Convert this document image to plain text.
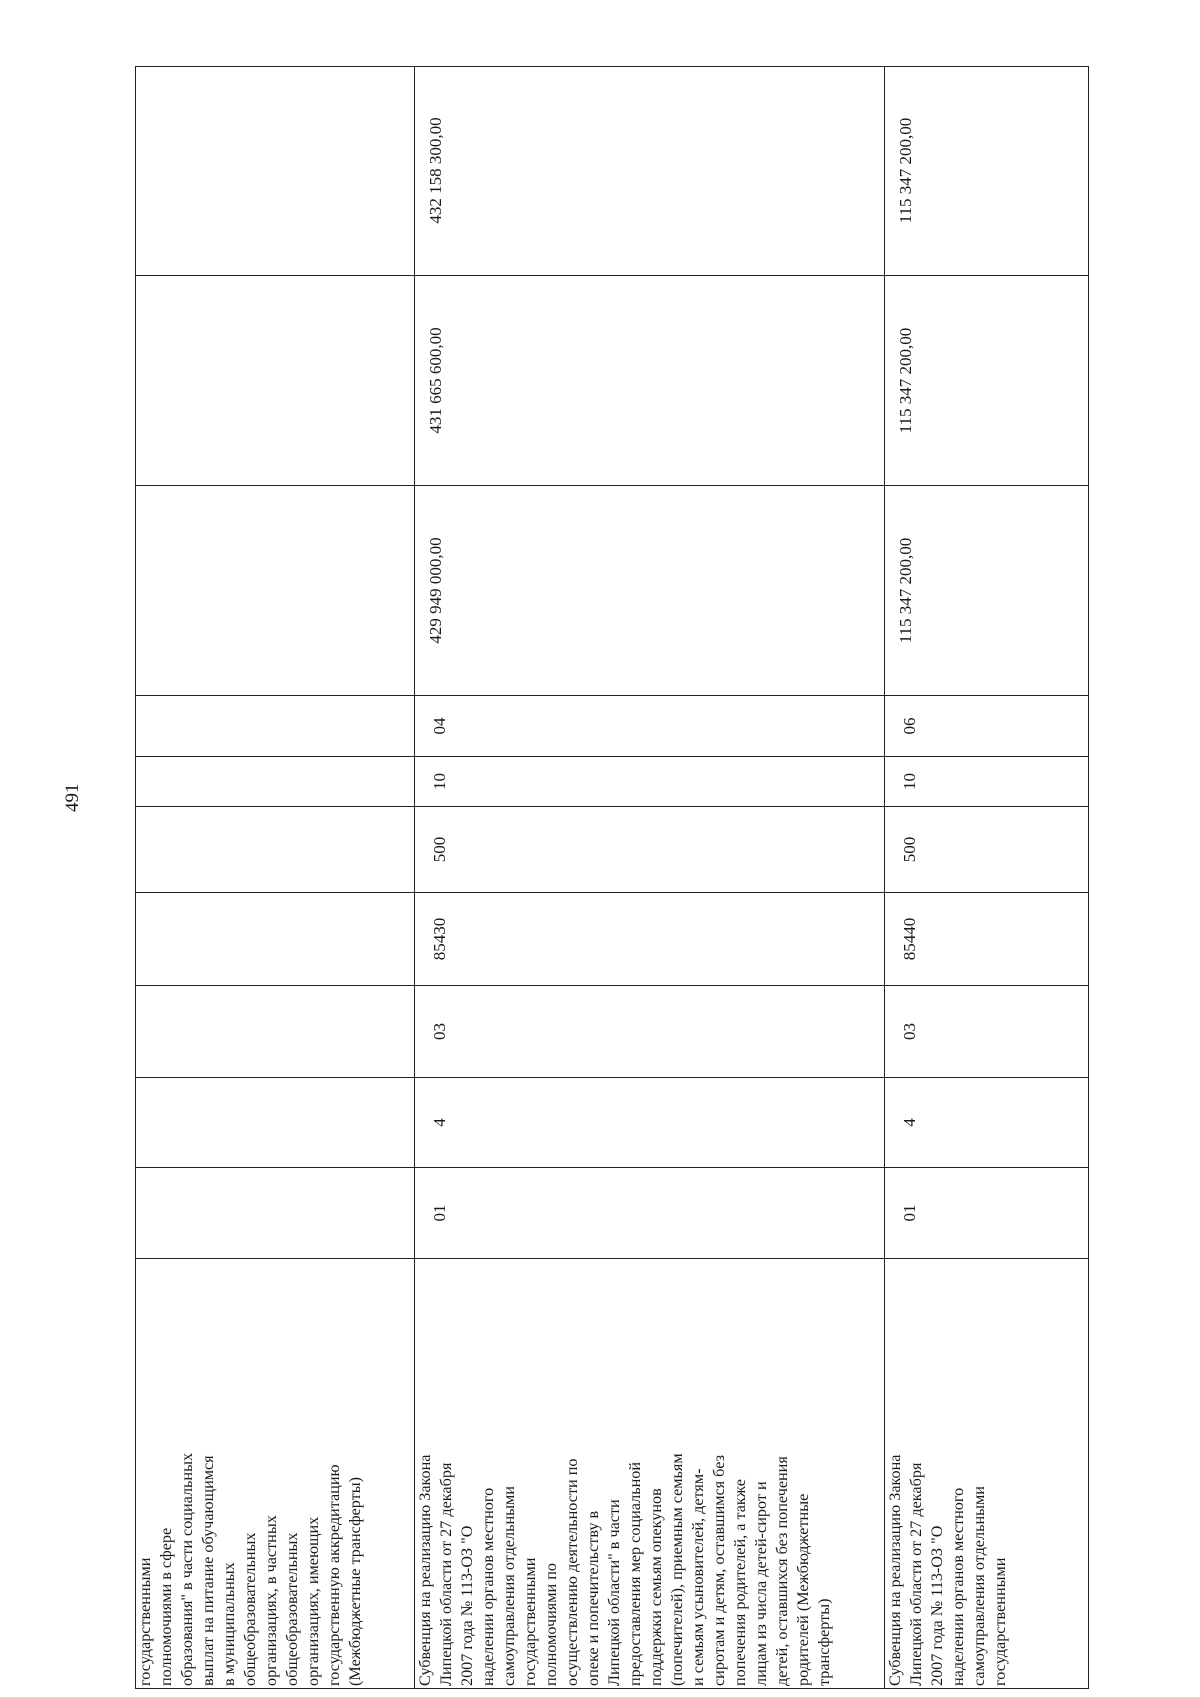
491
государственными
полномочиями в сфере
образования" в части социальных
выплат на питание обучающимся
в муниципальных
общеобразовательных
организациях, в частных
общеобразовательных
организациях, имеющих
государственную аккредитацию
(Межбюджетные трансферты)
Субвенция на реализацию Закона
Липецкой области от 27 декабря
2007 года № 113-ОЗ "О
наделении органов местного
самоуправления отдельными
государственными
полномочиями по
осуществлению деятельности по
опеке и попечительству в
Липецкой области" в части
предоставления мер социальной
поддержки семьям опекунов
(попечителей), приемным семьям
и семьям усыновителей, детям-
сиротам и детям, оставшимся без
попечения родителей, а также
лицам из числа детей-сирот и
детей, оставшихся без попечения
родителей (Межбюджетные
трансферты)
01
4
03
85430
500
10
04
429 949 000,00
431 665 600,00
432 158 300,00
Субвенция на реализацию Закона
Липецкой области от 27 декабря
2007 года № 113-ОЗ "О
наделении органов местного
самоуправления отдельными
государственными
01
4
03
85440
500
10
06
115 347 200,00
115 347 200,00
115 347 200,00
